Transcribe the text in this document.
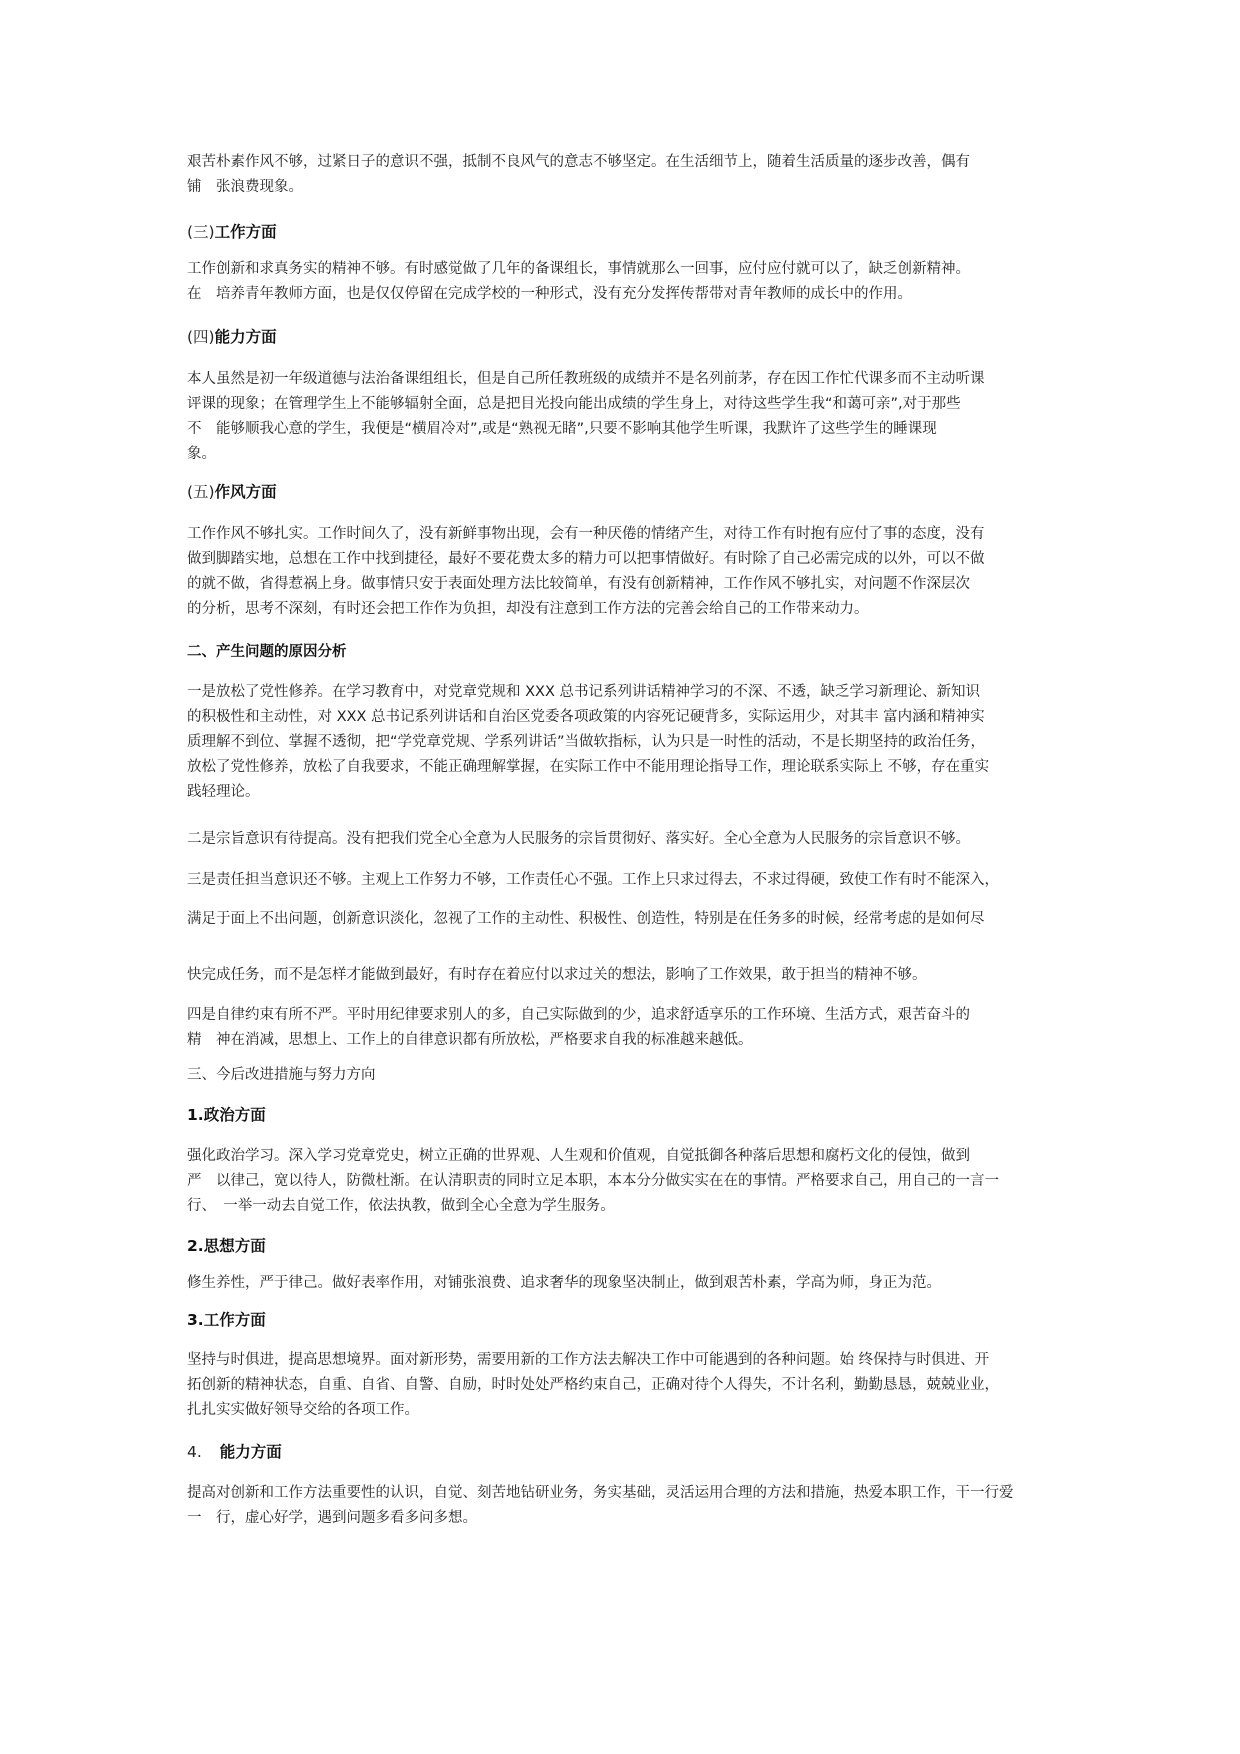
艰苦朴素作风不够，过紧日子的意识不强，抵制不良风气的意志不够坚定。在生活细节上，随着生活质量的逐步改善，偶有

铺　张浪费现象。

(三)工作方面

工作创新和求真务实的精神不够。有时感觉做了几年的备课组长，事情就那么一回事，应付应付就可以了，缺乏创新精神。

在　培养青年教师方面，也是仅仅停留在完成学校的一种形式，没有充分发挥传帮带对青年教师的成长中的作用。

(四)能力方面

本人虽然是初一年级道德与法治备课组组长，但是自己所任教班级的成绩并不是名列前茅，存在因工作忙代课多而不主动听课

评课的现象；在管理学生上不能够辐射全面，总是把目光投向能出成绩的学生身上，对待这些学生我“和蔼可亲”,对于那些

不　能够顺我心意的学生，我便是“横眉冷对”,或是“熟视无睹”,只要不影响其他学生听课，我默许了这些学生的睡课现

象。

(五)作风方面

工作作风不够扎实。工作时间久了，没有新鲜事物出现，会有一种厌倦的情绪产生，对待工作有时抱有应付了事的态度，没有

做到脚踏实地，总想在工作中找到捷径，最好不要花费太多的精力可以把事情做好。有时除了自己必需完成的以外，可以不做

的就不做，省得惹祸上身。做事情只安于表面处理方法比较简单，有没有创新精神，工作作风不够扎实，对问题不作深层次

的分析，思考不深刻，有时还会把工作作为负担，却没有注意到工作方法的完善会给自己的工作带来动力。

二、产生问题的原因分析

一是放松了党性修养。在学习教育中，对党章党规和 XXX 总书记系列讲话精神学习的不深、不透，缺乏学习新理论、新知识

的积极性和主动性，对 XXX 总书记系列讲话和自治区党委各项政策的内容死记硬背多，实际运用少，对其丰 富内涵和精神实

质理解不到位、掌握不透彻，把“学党章党规、学系列讲话”当做软指标，认为只是一时性的活动，不是长期坚持的政治任务，

放松了党性修养，放松了自我要求，不能正确理解掌握，在实际工作中不能用理论指导工作，理论联系实际上 不够，存在重实

践轻理论。

二是宗旨意识有待提高。没有把我们党全心全意为人民服务的宗旨贯彻好、落实好。全心全意为人民服务的宗旨意识不够。

三是责任担当意识还不够。主观上工作努力不够，工作责任心不强。工作上只求过得去，不求过得硬，致使工作有时不能深入，

满足于面上不出问题，创新意识淡化，忽视了工作的主动性、积极性、创造性，特别是在任务多的时候，经常考虑的是如何尽

快完成任务，而不是怎样才能做到最好，有时存在着应付以求过关的想法，影响了工作效果，敢于担当的精神不够。

四是自律约束有所不严。平时用纪律要求别人的多，自己实际做到的少，追求舒适享乐的工作环境、生活方式，艰苦奋斗的

精　神在消减，思想上、工作上的自律意识都有所放松，严格要求自我的标准越来越低。

三、今后改进措施与努力方向
1.政治方面

强化政治学习。深入学习党章党史，树立正确的世界观、人生观和价值观，自觉抵御各种落后思想和腐朽文化的侵蚀，做到

严　以律己，宽以待人，防微杜渐。在认清职责的同时立足本职，本本分分做实实在在的事情。严格要求自己，用自己的一言一

行、　一举一动去自觉工作，依法执教，做到全心全意为学生服务。

2.思想方面

修生养性，严于律己。做好表率作用，对铺张浪费、追求奢华的现象坚决制止，做到艰苦朴素，学高为师，身正为范。

3.工作方面

坚持与时俱进，提高思想境界。面对新形势，需要用新的工作方法去解决工作中可能遇到的各种问题。始 终保持与时俱进、开

拓创新的精神状态，自重、自省、自警、自励，时时处处严格约束自己，正确对待个人得失，不计名利，勤勤恳恳，兢兢业业，

扎扎实实做好领导交给的各项工作。

4. 能力方面

提高对创新和工作方法重要性的认识，自觉、刻苦地钻研业务，务实基础，灵活运用合理的方法和措施，热爱本职工作，干一行爱

一　行，虚心好学，遇到问题多看多问多想。
